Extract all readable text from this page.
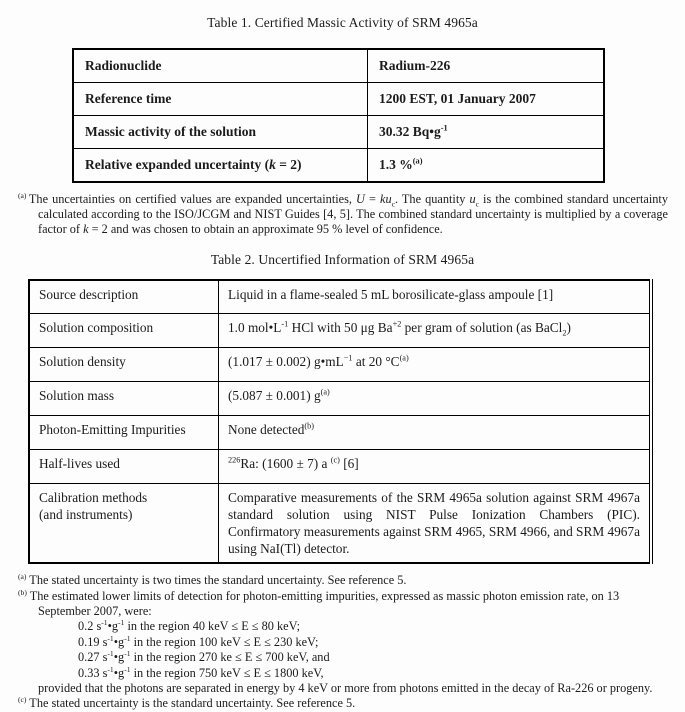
Table 1. Certified Massic Activity of SRM 4965a
Radionuclide	Radium-226
Reference time	1200 EST, 01 January 2007
Massic activity of the solution	30.32 $Bq•g^{-1}$
Relative expanded uncertainty (k = 2)	1.3 %$^{(a)}$
$^{(a)}$ The uncertainties on certified values are expanded uncertainties, $U = ku_c$. The quantity $u_c$ is the combined standard uncertainty calculated according to the ISO/JCGM and NIST Guides [4, 5]. The combined standard uncertainty is multiplied by a coverage factor of k = 2 and was chosen to obtain an approximate 95 % level of confidence.
Table 2. Uncertified Information of SRM 4965a
Source description	Liquid in a flame-sealed 5 mL borosilicate-glass ampoule [1]
Solution composition	1.0 $mol•L^{-1}$ HCl with 50 μg $Ba^{+2}$ per gram of solution (as BaCl$_2$)
Solution density	(1.017 ± 0.002) $g•mL^{-1}$ at 20 $^\circ C^{(a)}$
Solution mass	(5.087 ± 0.001) $g^{(a)}$
Photon-Emitting Impurities	None detected$^{(b)}$
Half-lives used	$^{226}$Ra: (1600 ± 7) a $^{(c)}$ [6]
Calibration methods
(and instruments)	Comparative measurements of the SRM 4965a solution against SRM 4967a standard solution using NIST Pulse Ionization Chambers (PIC). Confirmatory measurements against SRM 4965, SRM 4966, and SRM 4967a using NaI(Tl) detector.
$^{(a)}$ The stated uncertainty is two times the standard uncertainty. See reference 5.
$^{(b)}$ The estimated lower limits of detection for photon-emitting impurities, expressed as massic photon emission rate, on 13 September 2007, were:
0.2 $s^{-1}•g^{-1}$ in the region 40 keV ≤ E ≤ 80 keV;
0.19 $s^{-1}•g^{-1}$ in the region 100 keV ≤ E ≤ 230 keV;
0.27 $s^{-1}•g^{-1}$ in the region 270 ke ≤ E ≤ 700 keV, and
0.33 $s^{-1}•g^{-1}$ in the region 750 keV ≤ E ≤ 1800 keV,
provided that the photons are separated in energy by 4 keV or more from photons emitted in the decay of Ra-226 or progeny.
$^{(c)}$ The stated uncertainty is the standard uncertainty. See reference 5.
